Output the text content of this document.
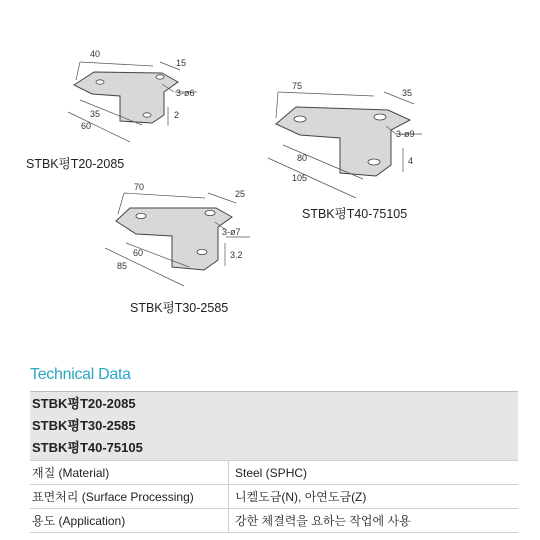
40
15
3-ø6
35
60
2
STBK평T20-2085
75
35
3-ø9
80
105
4
STBK평T40-75105
70
25
3-ø7
60
85
3.2
STBK평T30-2585
Technical Data
STBK평T20-2085
STBK평T30-2585
STBK평T40-75105
재질 (Material)	Steel (SPHC)
표면처리 (Surface Processing)	니켈도금(N), 아연도금(Z)
용도 (Application)	강한 체결력을 요하는 작업에 사용
